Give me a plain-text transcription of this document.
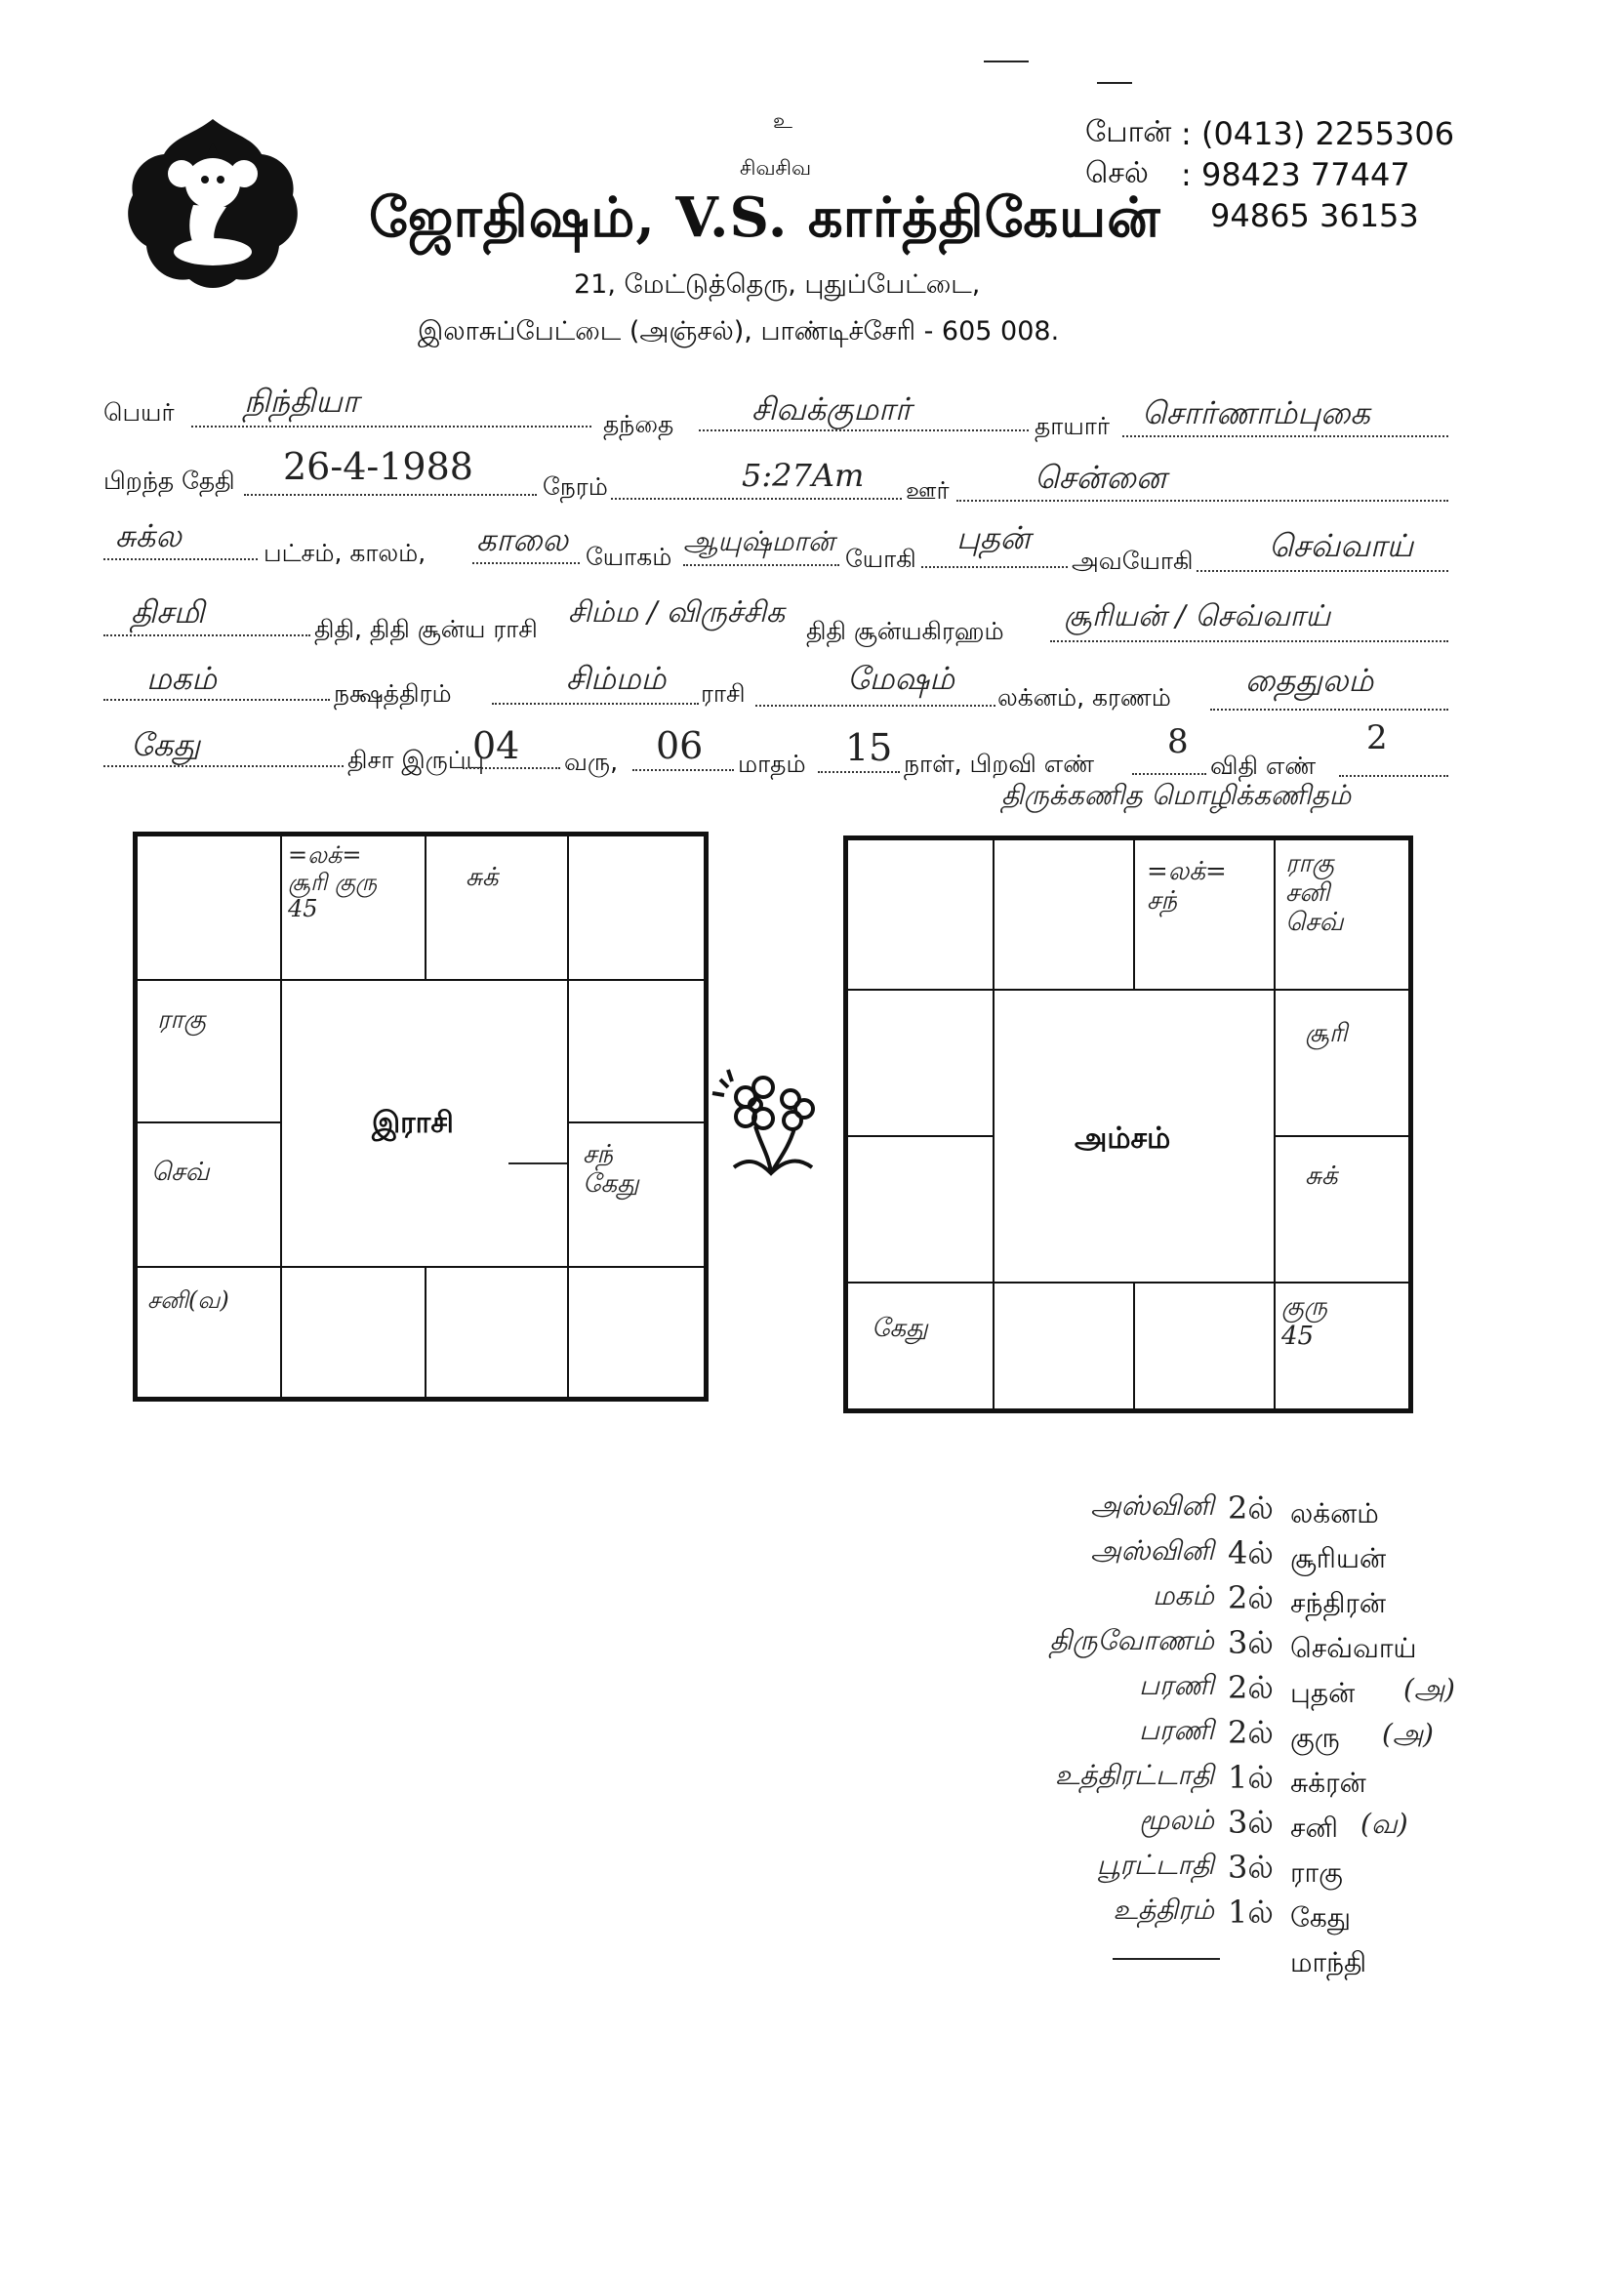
உ
சிவசிவ
போன் : (0413) 2255306
செல் : 98423 77447
94865 36153
ஜோதிஷம், V.S. கார்த்திகேயன்
21, மேட்டுத்தெரு, புதுப்பேட்டை,
இலாசுப்பேட்டை (அஞ்சல்), பாண்டிச்சேரி - 605 008.
பெயர் நிந்தியா
தந்தை சிவக்குமார்	தாயார் சொர்ணாம்புகை
பிறந்த தேதி 26-4-1988	நேரம்	5:27Am ஊர்	சென்னை
சுக்ல	பட்சம், காலம், காலை யோகம் ஆயுஷ்மான்
யோகி
புதன்
அவயோகி செவ்வாய்
திசமி	திதி, திதி சூன்ய ராசி சிம்ம / விருச்சிக
திதி சூன்யகிரஹம் சூரியன் / செவ்வாய்
மகம்	நக்ஷத்திரம்	சிம்மம் ராசி	மேஷம்
லக்னம், கரணம் தைதுலம்
கேது	திசா இருப்பு
04 வரு, 06 மாதம் 15 நாள், பிறவி எண்
8
விதி எண்
2
திருக்கணித மொழிக்கணிதம்
=லக்=
சூரி குரு
45
சுக்
ராகு
இராசி
செவ்
சந்
கேது
சனி(வ)
=லக்=
சந்
ராகு
சனி
செவ்
அம்சம்
சூரி
சுக்
கேது
குரு
45
அஸ்வினி 2ல் லக்னம்
அஸ்வினி 4ல் சூரியன்
மகம் 2ல் சந்திரன்
திருவோணம் 3ல் செவ்வாய்
பரணி 2ல் புதன் (அ)
பரணி 2ல் குரு (அ)
உத்திரட்டாதி 1ல் சுக்ரன்
மூலம் 3ல் சனி (வ)
பூரட்டாதி 3ல் ராகு
உத்திரம் 1ல் கேது
மாந்தி
